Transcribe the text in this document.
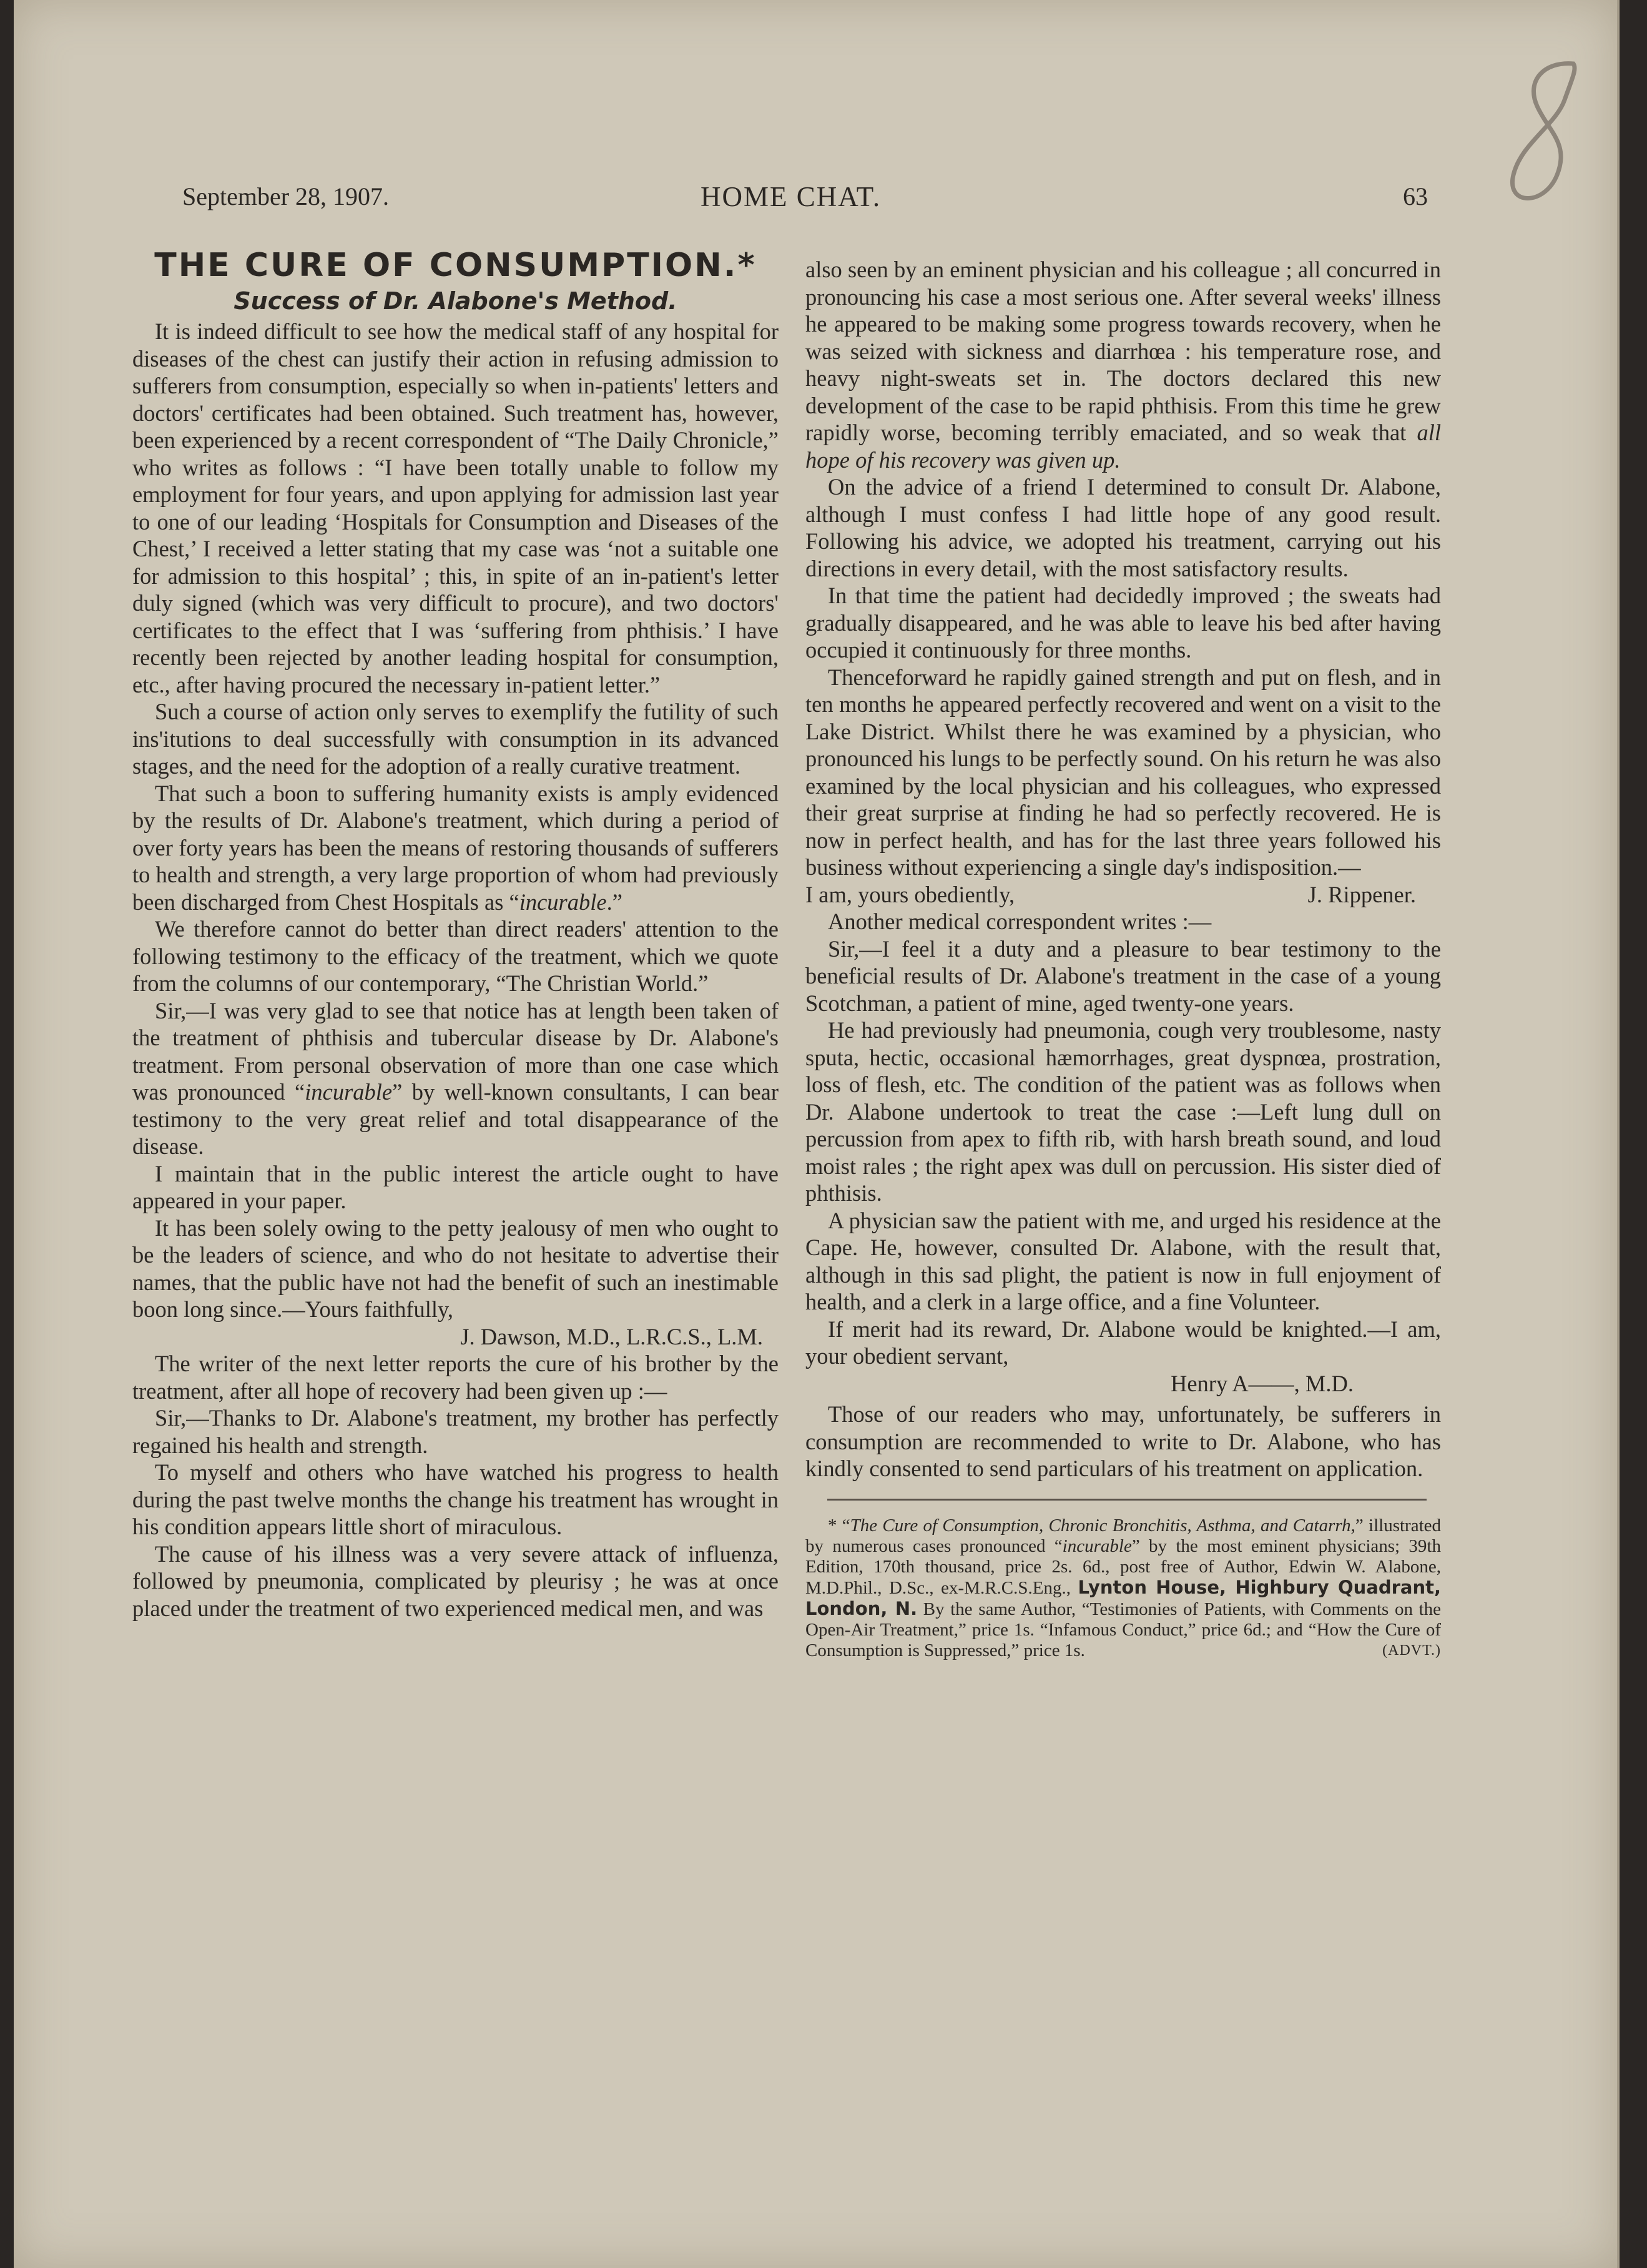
September 28, 1907.	HOME CHAT.	63

THE CURE OF CONSUMPTION.*

Success of Dr. Alabone's Method.

It is indeed difficult to see how the medical staff of any hospital for diseases of the chest can justify their action in refusing admission to sufferers from consumption, especially so when in-patients' letters and doctors' certificates had been obtained. Such treatment has, however, been experienced by a recent correspondent of “The Daily Chronicle,” who writes as follows : “I have been totally unable to follow my employment for four years, and upon applying for admission last year to one of our leading ‘Hospitals for Consumption and Diseases of the Chest,’ I received a letter stating that my case was ‘not a suitable one for admission to this hospital’ ; this, in spite of an in-patient's letter duly signed (which was very difficult to procure), and two doctors' certificates to the effect that I was ‘suffering from phthisis.’ I have recently been rejected by another leading hospital for consumption, etc., after having procured the necessary in-patient letter.”

Such a course of action only serves to exemplify the futility of such ins'itutions to deal successfully with consumption in its advanced stages, and the need for the adoption of a really curative treatment.

That such a boon to suffering humanity exists is amply evidenced by the results of Dr. Alabone's treatment, which during a period of over forty years has been the means of restoring thousands of sufferers to health and strength, a very large proportion of whom had previously been discharged from Chest Hospitals as “incurable.”

We therefore cannot do better than direct readers' attention to the following testimony to the efficacy of the treatment, which we quote from the columns of our contemporary, “The Christian World.”

Sir,—I was very glad to see that notice has at length been taken of the treatment of phthisis and tubercular disease by Dr. Alabone's treatment. From personal observation of more than one case which was pronounced “incurable” by well-known consultants, I can bear testimony to the very great relief and total disappearance of the disease.

I maintain that in the public interest the article ought to have appeared in your paper.

It has been solely owing to the petty jealousy of men who ought to be the leaders of science, and who do not hesitate to advertise their names, that the public have not had the benefit of such an inestimable boon long since.—Yours faithfully,

J. Dawson, M.D., L.R.C.S., L.M.

The writer of the next letter reports the cure of his brother by the treatment, after all hope of recovery had been given up :—

Sir,—Thanks to Dr. Alabone's treatment, my brother has perfectly regained his health and strength.

To myself and others who have watched his progress to health during the past twelve months the change his treatment has wrought in his condition appears little short of miraculous.

The cause of his illness was a very severe attack of influenza, followed by pneumonia, complicated by pleurisy ; he was at once placed under the treatment of two experienced medical men, and was

also seen by an eminent physician and his colleague ; all concurred in pronouncing his case a most serious one. After several weeks' illness he appeared to be making some progress towards recovery, when he was seized with sickness and diarrhœa : his temperature rose, and heavy night-sweats set in. The doctors declared this new development of the case to be rapid phthisis. From this time he grew rapidly worse, becoming terribly emaciated, and so weak that all hope of his recovery was given up.

On the advice of a friend I determined to consult Dr. Alabone, although I must confess I had little hope of any good result. Following his advice, we adopted his treatment, carrying out his directions in every detail, with the most satisfactory results.

In that time the patient had decidedly improved ; the sweats had gradually disappeared, and he was able to leave his bed after having occupied it continuously for three months.

Thenceforward he rapidly gained strength and put on flesh, and in ten months he appeared perfectly recovered and went on a visit to the Lake District. Whilst there he was examined by a physician, who pronounced his lungs to be perfectly sound. On his return he was also examined by the local physician and his colleagues, who expressed their great surprise at finding he had so perfectly recovered. He is now in perfect health, and has for the last three years followed his business without experiencing a single day's indisposition.—

I am, yours obediently,	J. Rippener.

Another medical correspondent writes :—

Sir,—I feel it a duty and a pleasure to bear testimony to the beneficial results of Dr. Alabone's treatment in the case of a young Scotchman, a patient of mine, aged twenty-one years.

He had previously had pneumonia, cough very troublesome, nasty sputa, hectic, occasional hæmorrhages, great dyspnœa, prostration, loss of flesh, etc. The condition of the patient was as follows when Dr. Alabone undertook to treat the case :—Left lung dull on percussion from apex to fifth rib, with harsh breath sound, and loud moist rales ; the right apex was dull on percussion. His sister died of phthisis.

A physician saw the patient with me, and urged his residence at the Cape. He, however, consulted Dr. Alabone, with the result that, although in this sad plight, the patient is now in full enjoyment of health, and a clerk in a large office, and a fine Volunteer.

If merit had its reward, Dr. Alabone would be knighted.—I am, your obedient servant,

Henry A——, M.D.

Those of our readers who may, unfortunately, be sufferers in consumption are recommended to write to Dr. Alabone, who has kindly consented to send particulars of his treatment on application.

* “The Cure of Consumption, Chronic Bronchitis, Asthma, and Catarrh,” illustrated by numerous cases pronounced “incurable” by the most eminent physicians; 39th Edition, 170th thousand, price 2s. 6d., post free of Author, Edwin W. Alabone, M.D.Phil., D.Sc., ex-M.R.C.S.Eng., Lynton House, Highbury Quadrant, London, N. By the same Author, “Testimonies of Patients, with Comments on the Open-Air Treatment,” price 1s. “Infamous Conduct,” price 6d.; and “How the Cure of Consumption is Suppressed,” price 1s.	(ADVT.)
